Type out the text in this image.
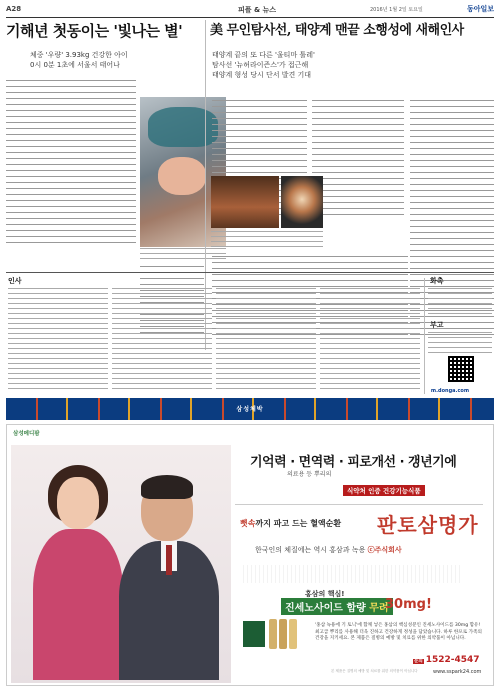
A28	피플 & 뉴스	2016년 1월 2일 토요일	동아일보
기해년 첫동이는 '빛나는 별'
체중 '우량' 3.93kg 건강한 아이
0시 0분 1초에 서울서 태어나
美 무인탐사선, 태양계 맨끝 소행성에 새해인사
태양계 끝의 또 다른 '울티마 툴레'
탐사선 '뉴허라이즌스'가 접근해
태양계 형성 당시 단서 발견 기대
인사	화촉
부고
m.donga.com
삼성체박
삼성메디팜
기억력 · 면역력 · 피로개선 · 갱년기에
의료용 등 뿌리의
식약처 인증 건강기능식품
뼛속까지 파고 드는 혈액순환 판토삼명가
한국인의 체질에는 역시 홍삼과 녹용 ⓒ주식회사
홍삼의 핵심!
진세노사이드 함량 무려
30mg!
'홍삼 녹용에 기 토닉'에 함께 넣은 홍삼의 핵심성분인 진세노사이드를 30mg 함유! 최고급 뿌리를 사용해 더욱 진하고 건강하게 정성을 담았습니다. 하루 한포로 가족의 건강을 지키세요. 본 제품은 질병의 예방 및 치료를 위한 의약품이 아닙니다.
문의 1522-4547
www.sspark24.com
본 제품은 질병의 예방 및 치료를 위한 의약품이 아닙니다
